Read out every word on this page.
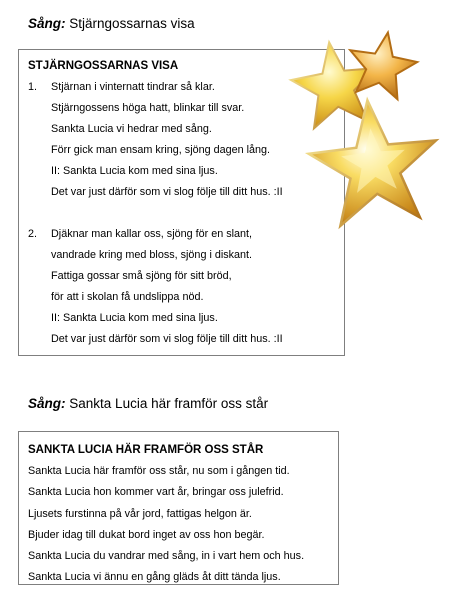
Sång: Stjärngossarnas visa
STJÄRNGOSSARNAS VISA
1. Stjärnan i vinternatt tindrar så klar.
Stjärngossens höga hatt, blinkar till svar.
Sankta Lucia vi hedrar med sång.
Förr gick man ensam kring, sjöng dagen lång.
II: Sankta Lucia kom med sina ljus.
Det var just därför som vi slog följe till ditt hus. :II
2. Djäknar man kallar oss, sjöng för en slant,
vandrade kring med bloss, sjöng i diskant.
Fattiga gossar små sjöng för sitt bröd,
för att i skolan få undslippa nöd.
II: Sankta Lucia kom med sina ljus.
Det var just därför som vi slog följe till ditt hus. :II
Sång: Sankta Lucia här framför oss står
SANKTA LUCIA HÄR FRAMFÖR OSS STÅR
Sankta Lucia här framför oss står, nu som i gången tid.
Sankta Lucia hon kommer vart år, bringar oss julefrid.
Ljusets furstinna på vår jord, fattigas helgon är.
Bjuder idag till dukat bord inget av oss hon begär.
Sankta Lucia du vandrar med sång, in i vart hem och hus.
Sankta Lucia vi ännu en gång gläds åt ditt tända ljus.
